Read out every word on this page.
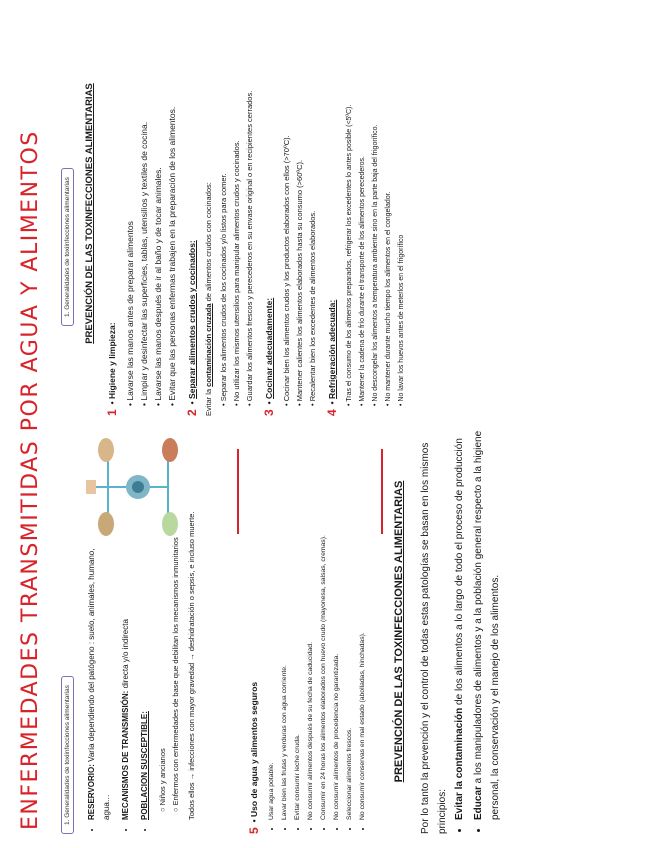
ENFERMEDADES TRANSMITIDAS POR AGUA Y ALIMENTOS	1. Generalidades de toxiinfecciones alimentarias	• RESERVORIO: Varía dependiendo del patógeno : suelo, animales, humano, agua…	• MECANISMOS DE TRANSMISIÓN: directa y/o indirecta
• POBLACION SUSCEPTIBLE:	○ Niños y ancianos ○ Enfermos con enfermedades de base que debilitan los mecanismos inmunitarios Todos ellos → infecciones con mayor gravedad → deshidratación o sepsis, e incluso muerte.
5
•

Uso de agua y alimentos seguros	• Usar agua potable. • Lavar bien las frutas y verduras con agua corriente. • Evitar consumir leche cruda. • No consumir alimentos después de su fecha de caducidad. • Consumir en 24 horas los alimentos elaborados con huevo crudo (mayonesa, salsas, cremas). • No consumir alimentos de procedencia no garantizada. • Seleccionar alimentos frescos. • No consumir conservas en mal estado (abolladas, hinchadas). PREVENCIÓN DE LAS TOXINFECCIONES ALIMENTARIAS	Por lo tanto la prevención y el control de todas estas patologías se basan en los mismos principios: • Evitar la contaminación de los alimentos a lo largo de todo el proceso de producción
• Educar a los manipuladores de alimentos y a la población general respecto a la higiene personal, la conservación y el manejo de los alimentos.
1. Generalidades de toxiinfecciones alimentarias PREVENCIÓN DE LAS TOXINFECCIONES ALIMENTARIAS
1
•

Higiene y limpieza: • Lavarse las manos antes de preparar alimentos • Limpiar y desinfectar las superficies, tablas, utensilios y textiles de cocina. • Lavarse las manos después de ir al baño y de tocar animales. • Evitar que las personas enfermas trabajen en la preparación de los alimentos.
2
•

Separar alimentos crudos y cocinados:
Evitar la contaminación cruzada de alimentos crudos con cocinados: • Separar los alimentos crudos de los cocinados y/o listos para comer. • No utilizar los mismos utensilios para manipular alimentos crudos y cocinados. • Guardar los alimentos frescos y perecederos en su envase original o en recipientes cerrados.
3
•

Cocinar adecuadamente: • Cocinar bien los alimentos crudos y los productos elaborados con ellos (>70ºC). • Mantener calientes los alimentos elaborados hasta su consumo (>60ºC). • Recalentar bien los excedentes de alimentos elaborados.
4
•

Refrigeración adecuada:	• Tras el consumo de los alimentos preparados, refrigerar los excedentes lo antes posible (<5ºC). • Mantener la cadena de frío durante el transporte de los alimentos perecederos. • No descongelar los alimentos a temperatura ambiente sino en la parte baja del frigorífico. • No mantener durante mucho tiempo los alimentos en el congelador. • No lavar los huevos antes de meterlos en el frigorífico
